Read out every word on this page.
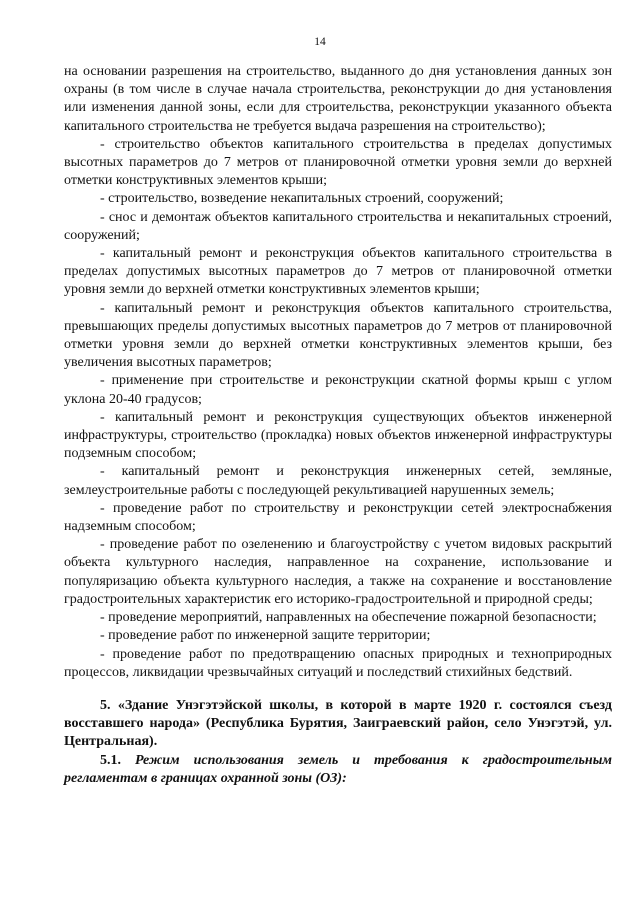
14

на основании разрешения на строительство, выданного до дня установления данных зон охраны (в том числе в случае начала строительства, реконструкции до дня установления или изменения данной зоны, если для строительства, реконструкции указанного объекта капитального строительства не требуется выдача разрешения на строительство);

- строительство объектов капитального строительства в пределах допустимых высотных параметров до 7 метров от планировочной отметки уровня земли до верхней отметки конструктивных элементов крыши;

- строительство, возведение некапитальных строений, сооружений;

- снос и демонтаж объектов капитального строительства и некапитальных строений, сооружений;

- капитальный ремонт и реконструкция объектов капитального строительства в пределах допустимых высотных параметров до 7 метров от планировочной отметки уровня земли до верхней отметки конструктивных элементов крыши;

- капитальный ремонт и реконструкция объектов капитального строительства, превышающих пределы допустимых высотных параметров до 7 метров от планировочной отметки уровня земли до верхней отметки конструктивных элементов крыши, без увеличения высотных параметров;

- применение при строительстве и реконструкции скатной формы крыш с углом уклона 20-40 градусов;

- капитальный ремонт и реконструкция существующих объектов инженерной инфраструктуры, строительство (прокладка) новых объектов инженерной инфраструктуры подземным способом;

- капитальный ремонт и реконструкция инженерных сетей, земляные, землеустроительные работы с последующей рекультивацией нарушенных земель;

- проведение работ по строительству и реконструкции сетей электроснабжения надземным способом;

- проведение работ по озеленению и благоустройству с учетом видовых раскрытий объекта культурного наследия, направленное на сохранение, использование и популяризацию объекта культурного наследия, а также на сохранение и восстановление градостроительных характеристик его историко-градостроительной и природной среды;

- проведение мероприятий, направленных на обеспечение пожарной безопасности;

- проведение работ по инженерной защите территории;

- проведение работ по предотвращению опасных природных и техноприродных процессов, ликвидации чрезвычайных ситуаций и последствий стихийных бедствий.

5. «Здание Унэгэтэйской школы, в которой в марте 1920 г. состоялся съезд восставшего народа» (Республика Бурятия, Заиграевский район, село Унэгэтэй, ул. Центральная).

5.1. Режим использования земель и требования к градостроительным регламентам в границах охранной зоны (ОЗ):
